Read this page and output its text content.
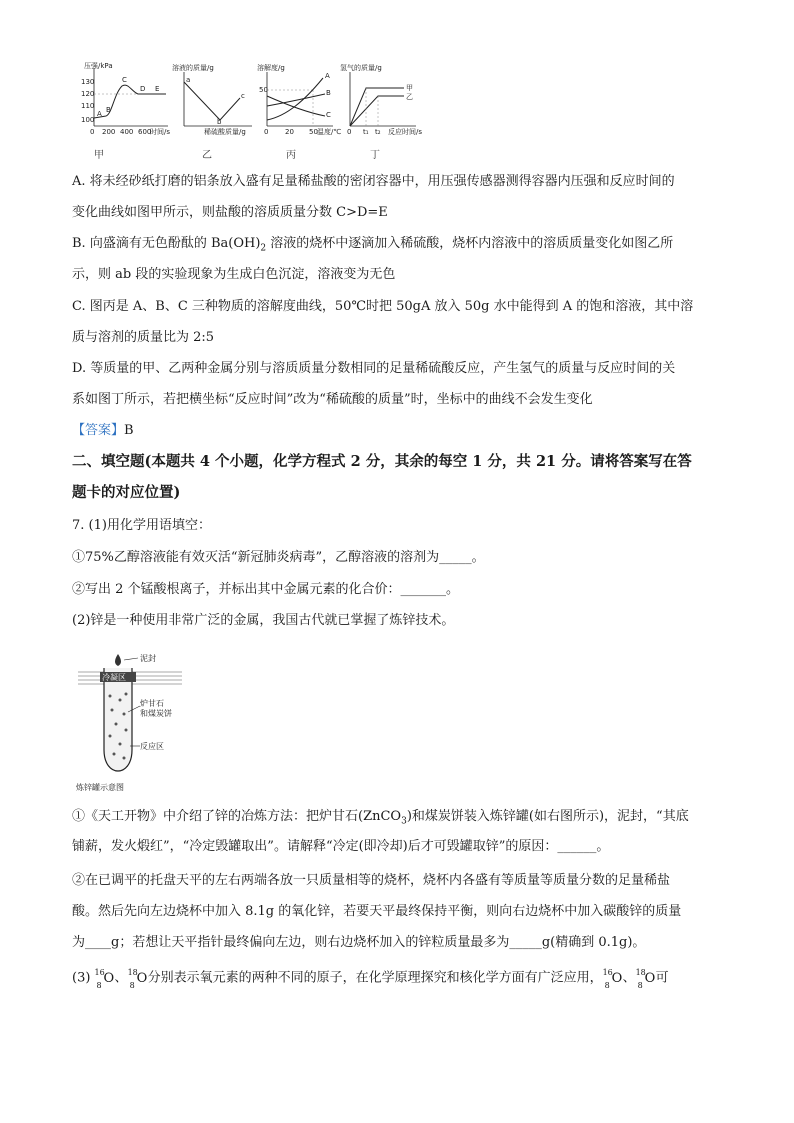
压强/kPa
130
120
110
100
A B
C
D E
0 200 400 600
时间/s
甲
溶液的质量/g
a
b
c
稀硫酸质量/g
乙
溶解度/g
A
B
C
50
0 20 50 温度/℃
丙
氢气的质量/g
甲
乙
0 t₁ t₂ 反应时间/s
丁
A. 将未经砂纸打磨的铝条放入盛有足量稀盐酸的密闭容器中，用压强传感器测得容器内压强和反应时间的
变化曲线如图甲所示，则盐酸的溶质质量分数 C>D=E
B. 向盛滴有无色酚酞的 $Ba(OH)_2$ 溶液的烧杯中逐滴加入稀硫酸，烧杯内溶液中的溶质质量变化如图乙所
示，则 ab 段的实验现象为生成白色沉淀，溶液变为无色
C. 图丙是 A、B、C 三种物质的溶解度曲线，50℃时把 50gA 放入 50g 水中能得到 A 的饱和溶液，其中溶
质与溶剂的质量比为 2:5
D. 等质量的甲、乙两种金属分别与溶质质量分数相同的足量稀硫酸反应，产生氢气的质量与反应时间的关
系如图丁所示，若把横坐标“反应时间”改为“稀硫酸的质量”时，坐标中的曲线不会发生变化
【答案】B
二、填空题(本题共 4 个小题，化学方程式 2 分，其余的每空 1 分，共 21 分。请将答案写在答
题卡的对应位置)
7. (1)用化学用语填空：
①75%乙醇溶液能有效灭活“新冠肺炎病毒”，乙醇溶液的溶剂为_____。
②写出 2 个锰酸根离子，并标出其中金属元素的化合价：_______。
(2)锌是一种使用非常广泛的金属，我国古代就已掌握了炼锌技术。
冷凝区
泥封
炉甘石
和煤炭饼
反应区
炼锌罐示意图
①《天工开物》中介绍了锌的冶炼方法：把炉甘石(ZnCO$_3$)和煤炭饼装入炼锌罐(如右图所示)，泥封，“其底
铺薪，发火煅红”，“冷定毁罐取出”。请解释“冷定(即冷却)后才可毁罐取锌”的原因：______。
②在已调平的托盘天平的左右两端各放一只质量相等的烧杯，烧杯内各盛有等质量等质量分数的足量稀盐
酸。然后先向左边烧杯中加入 8.1g 的氧化锌，若要天平最终保持平衡，则向右边烧杯中加入碳酸锌的质量
为____g；若想让天平指针最终偏向左边，则右边烧杯加入的锌粒质量最多为_____g(精确到 0.1g)。
(3) 16
8 O 、 18
8 O 分别表示氧元素的两种不同的原子，在化学原理探究和核化学方面有广泛应用， 16
8 O 、 18
8 O 可
